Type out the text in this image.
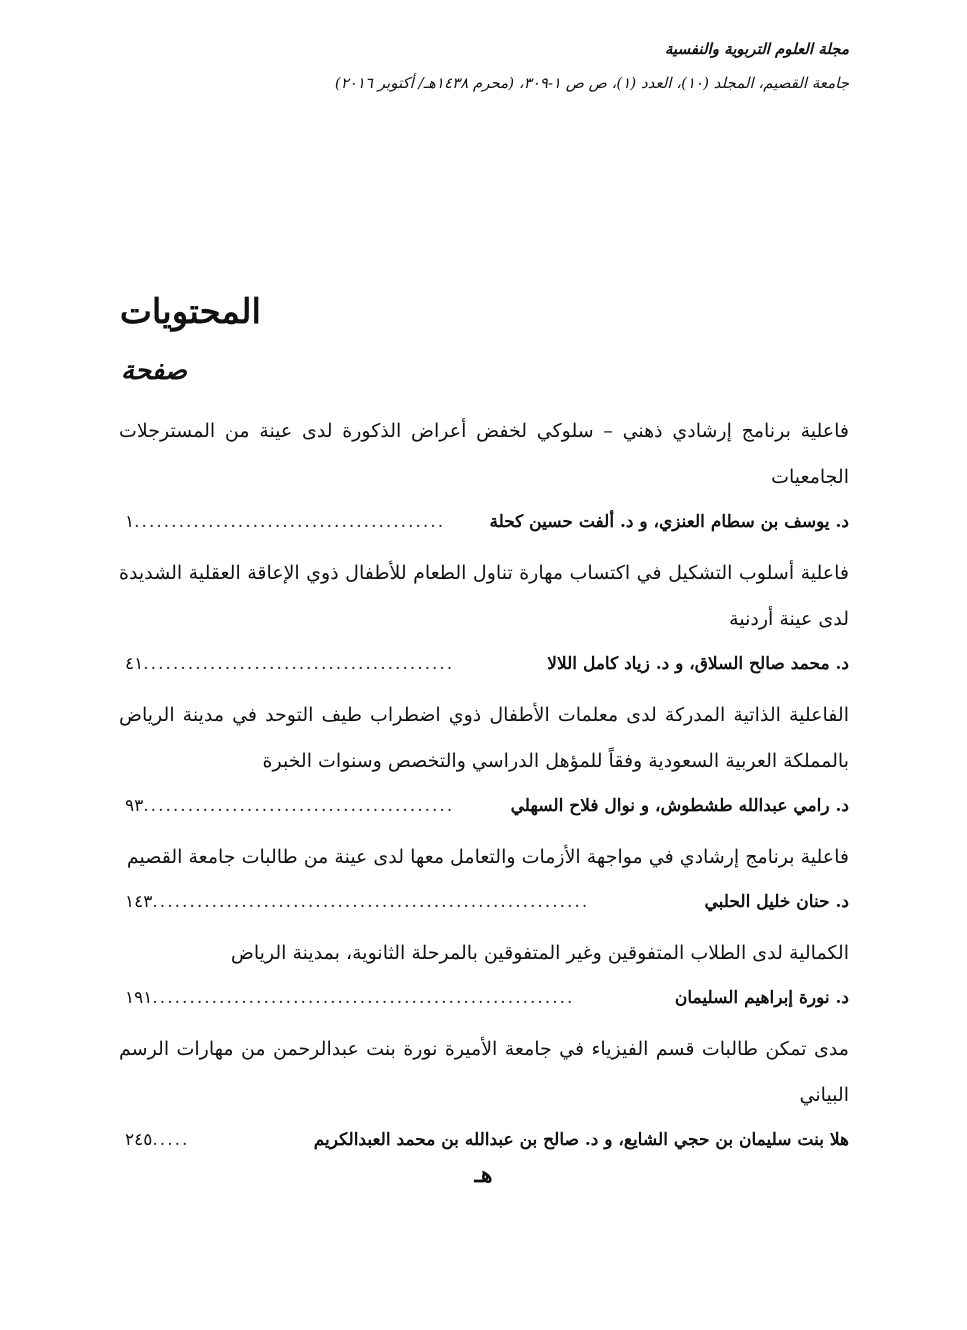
مجلة العلوم التربوية والنفسية
جامعة القصيم، المجلد (١٠)، العدد (١)، ص ص ١-٣٠٩، (محرم ١٤٣٨هـ/ أكتوبر ٢٠١٦)
المحتويات
صفحة
فاعلية برنامج إرشادي ذهني – سلوكي لخفض أعراض الذكورة لدى عينة من المسترجلات الجامعيات
د. يوسف بن سطام العنزي، و د. ألفت حسين كحلة
..........................................
١
فاعلية أسلوب التشكيل في اكتساب مهارة تناول الطعام للأطفال ذوي الإعاقة العقلية الشديدة لدى عينة أردنية
د. محمد صالح السلاق، و د. زياد كامل اللالا
..........................................
٤١
الفاعلية الذاتية المدركة لدى معلمات الأطفال ذوي اضطراب طيف التوحد في مدينة الرياض بالمملكة العربية السعودية وفقاً للمؤهل الدراسي والتخصص وسنوات الخبرة
د. رامي عبدالله طشطوش، و نوال فلاح السهلي
..........................................
٩٣
فاعلية برنامج إرشادي في مواجهة الأزمات والتعامل معها لدى عينة من طالبات جامعة القصيم
د. حنان خليل الحلبي
...........................................................
١٤٣
الكمالية لدى الطلاب المتفوقين وغير المتفوقين بالمرحلة الثانوية، بمدينة الرياض
د. نورة إبراهيم السليمان
.........................................................
١٩١
مدى تمكن طالبات قسم الفيزياء في جامعة الأميرة نورة بنت عبدالرحمن من مهارات الرسم البياني
هلا بنت سليمان بن حجي الشايع، و د. صالح بن عبدالله بن محمد العبدالكريم
.....
٢٤٥
هـ
